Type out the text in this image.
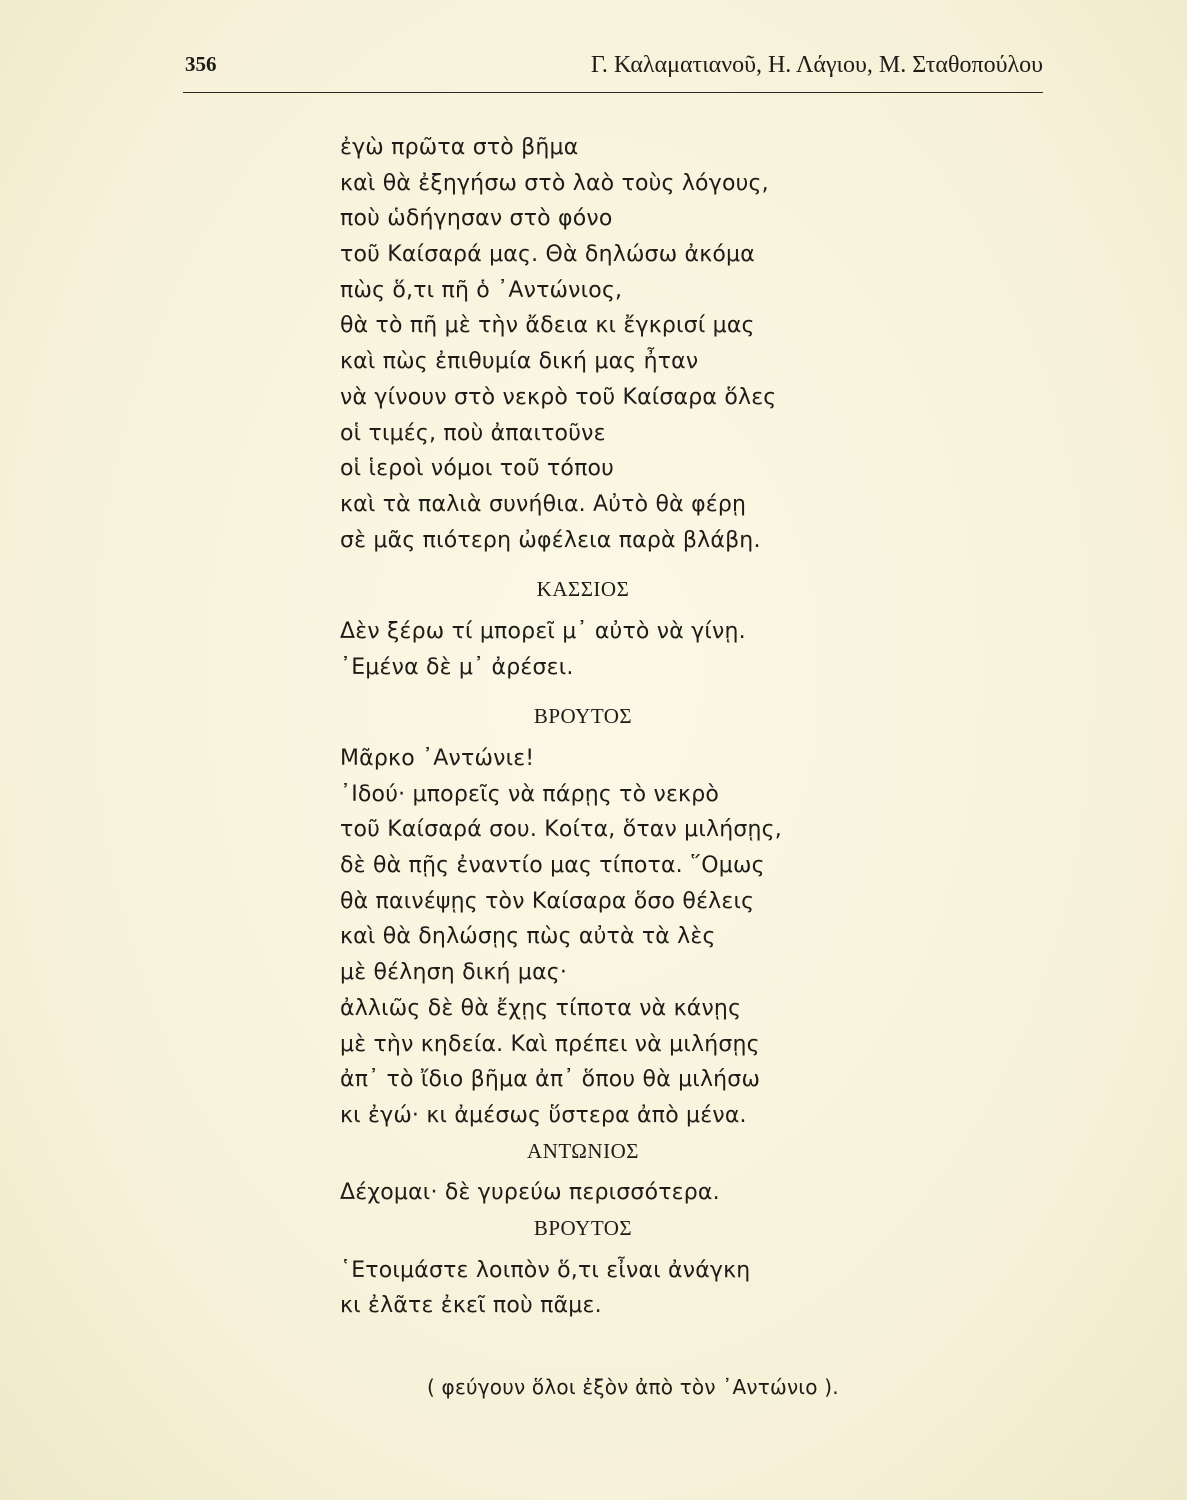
356	Γ. Καλαματιανοῦ, Η. Λάγιου, Μ. Σταθοπούλου
ἐγὼ πρῶτα στὸ βῆμα
καὶ θὰ ἐξηγήσω στὸ λαὸ τοὺς λόγους,
ποὺ ὡδήγησαν στὸ φόνο
τοῦ Καίσαρά μας. Θὰ δηλώσω ἀκόμα
πὼς ὅ,τι πῆ ὁ ᾿Αντώνιος,
θὰ τὸ πῆ μὲ τὴν ἄδεια κι ἔγκρισί μας
καὶ πὼς ἐπιθυμία δική μας ἦταν
νὰ γίνουν στὸ νεκρὸ τοῦ Καίσαρα ὅλες
οἱ τιμές, ποὺ ἀπαιτοῦνε
οἱ ἱεροὶ νόμοι τοῦ τόπου
καὶ τὰ παλιὰ συνήθια. Αὐτὸ θὰ φέρῃ
σὲ μᾶς πιότερη ὠφέλεια παρὰ βλάβη.
ΚΑΣΣΙΟΣ
Δὲν ξέρω τί μπορεῖ μ᾿ αὐτὸ νὰ γίνῃ.
᾿Εμένα δὲ μ᾿ ἀρέσει.
ΒΡΟΥΤΟΣ
Μᾶρκο ᾿Αντώνιε!
᾿Ιδού· μπορεῖς νὰ πάρῃς τὸ νεκρὸ
τοῦ Καίσαρά σου. Κοίτα, ὅταν μιλήσῃς,
δὲ θὰ πῇς ἐναντίο μας τίποτα. ῞Ομως
θὰ παινέψῃς τὸν Καίσαρα ὅσο θέλεις
καὶ θὰ δηλώσῃς πὼς αὐτὰ τὰ λὲς
μὲ θέληση δική μας·
ἀλλιῶς δὲ θὰ ἔχῃς τίποτα νὰ κάνῃς
μὲ τὴν κηδεία. Καὶ πρέπει νὰ μιλήσῃς
ἀπ᾿ τὸ ἴδιο βῆμα ἀπ᾿ ὅπου θὰ μιλήσω
κι ἐγώ· κι ἀμέσως ὕστερα ἀπὸ μένα.
ΑΝΤΩΝΙΟΣ
Δέχομαι· δὲ γυρεύω περισσότερα.
ΒΡΟΥΤΟΣ
῾Ετοιμάστε λοιπὸν ὅ,τι εἶναι ἀνάγκη
κι ἐλᾶτε ἐκεῖ ποὺ πᾶμε.
( φεύγουν ὅλοι ἐξὸν ἀπὸ τὸν ᾿Αντώνιο ).
